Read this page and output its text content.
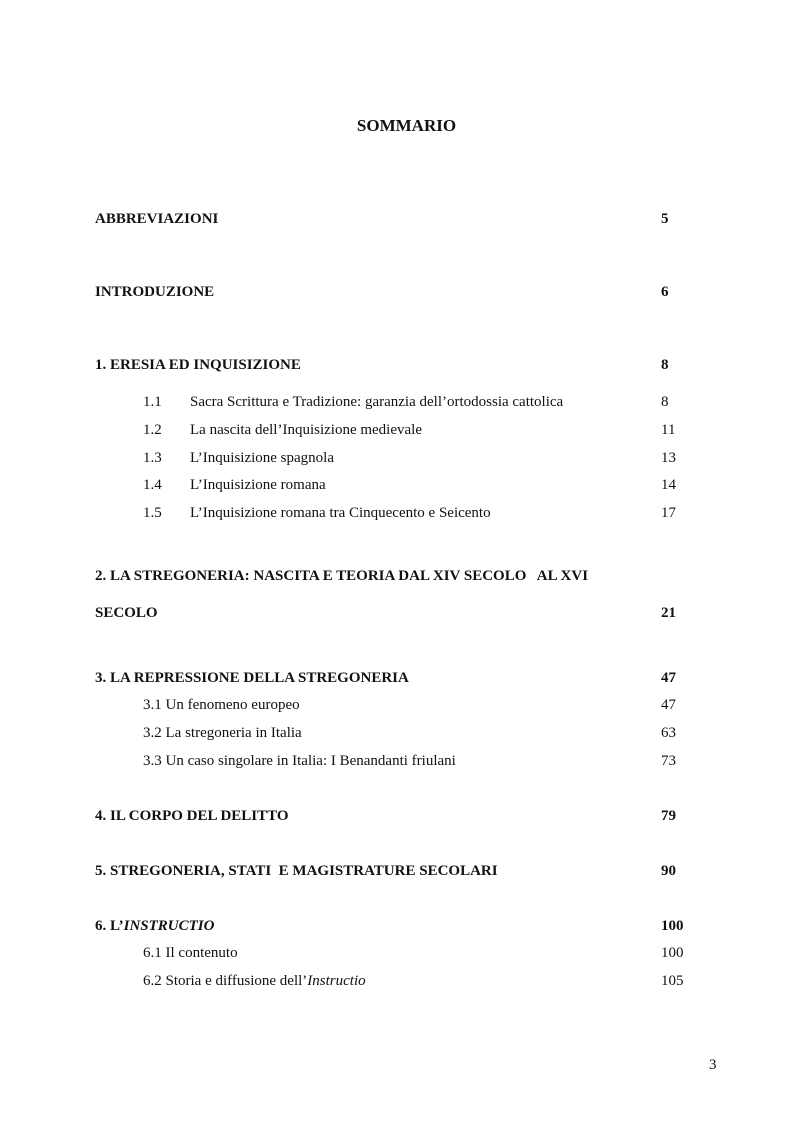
SOMMARIO
ABBREVIAZIONI	5
INTRODUZIONE	6
1. ERESIA ED INQUISIZIONE	8
1.1 Sacra Scrittura e Tradizione: garanzia dell’ortodossia cattolica	8
1.2 La nascita dell’Inquisizione medievale	11
1.3 L’Inquisizione spagnola	13
1.4 L’Inquisizione romana	14
1.5 L’Inquisizione romana tra Cinquecento e Seicento	17
2. LA STREGONERIA: NASCITA E TEORIA DAL XIV SECOLO   AL XVI
SECOLO	21
3. LA REPRESSIONE DELLA STREGONERIA	47
3.1 Un fenomeno europeo	47
3.2 La stregoneria in Italia	63
3.3 Un caso singolare in Italia: I Benandanti friulani	73
4. IL CORPO DEL DELITTO	79
5. STREGONERIA, STATI  E MAGISTRATURE SECOLARI	90
6. L’INSTRUCTIO	100
6.1 Il contenuto	100
6.2 Storia e diffusione dell’Instructio	105
3
